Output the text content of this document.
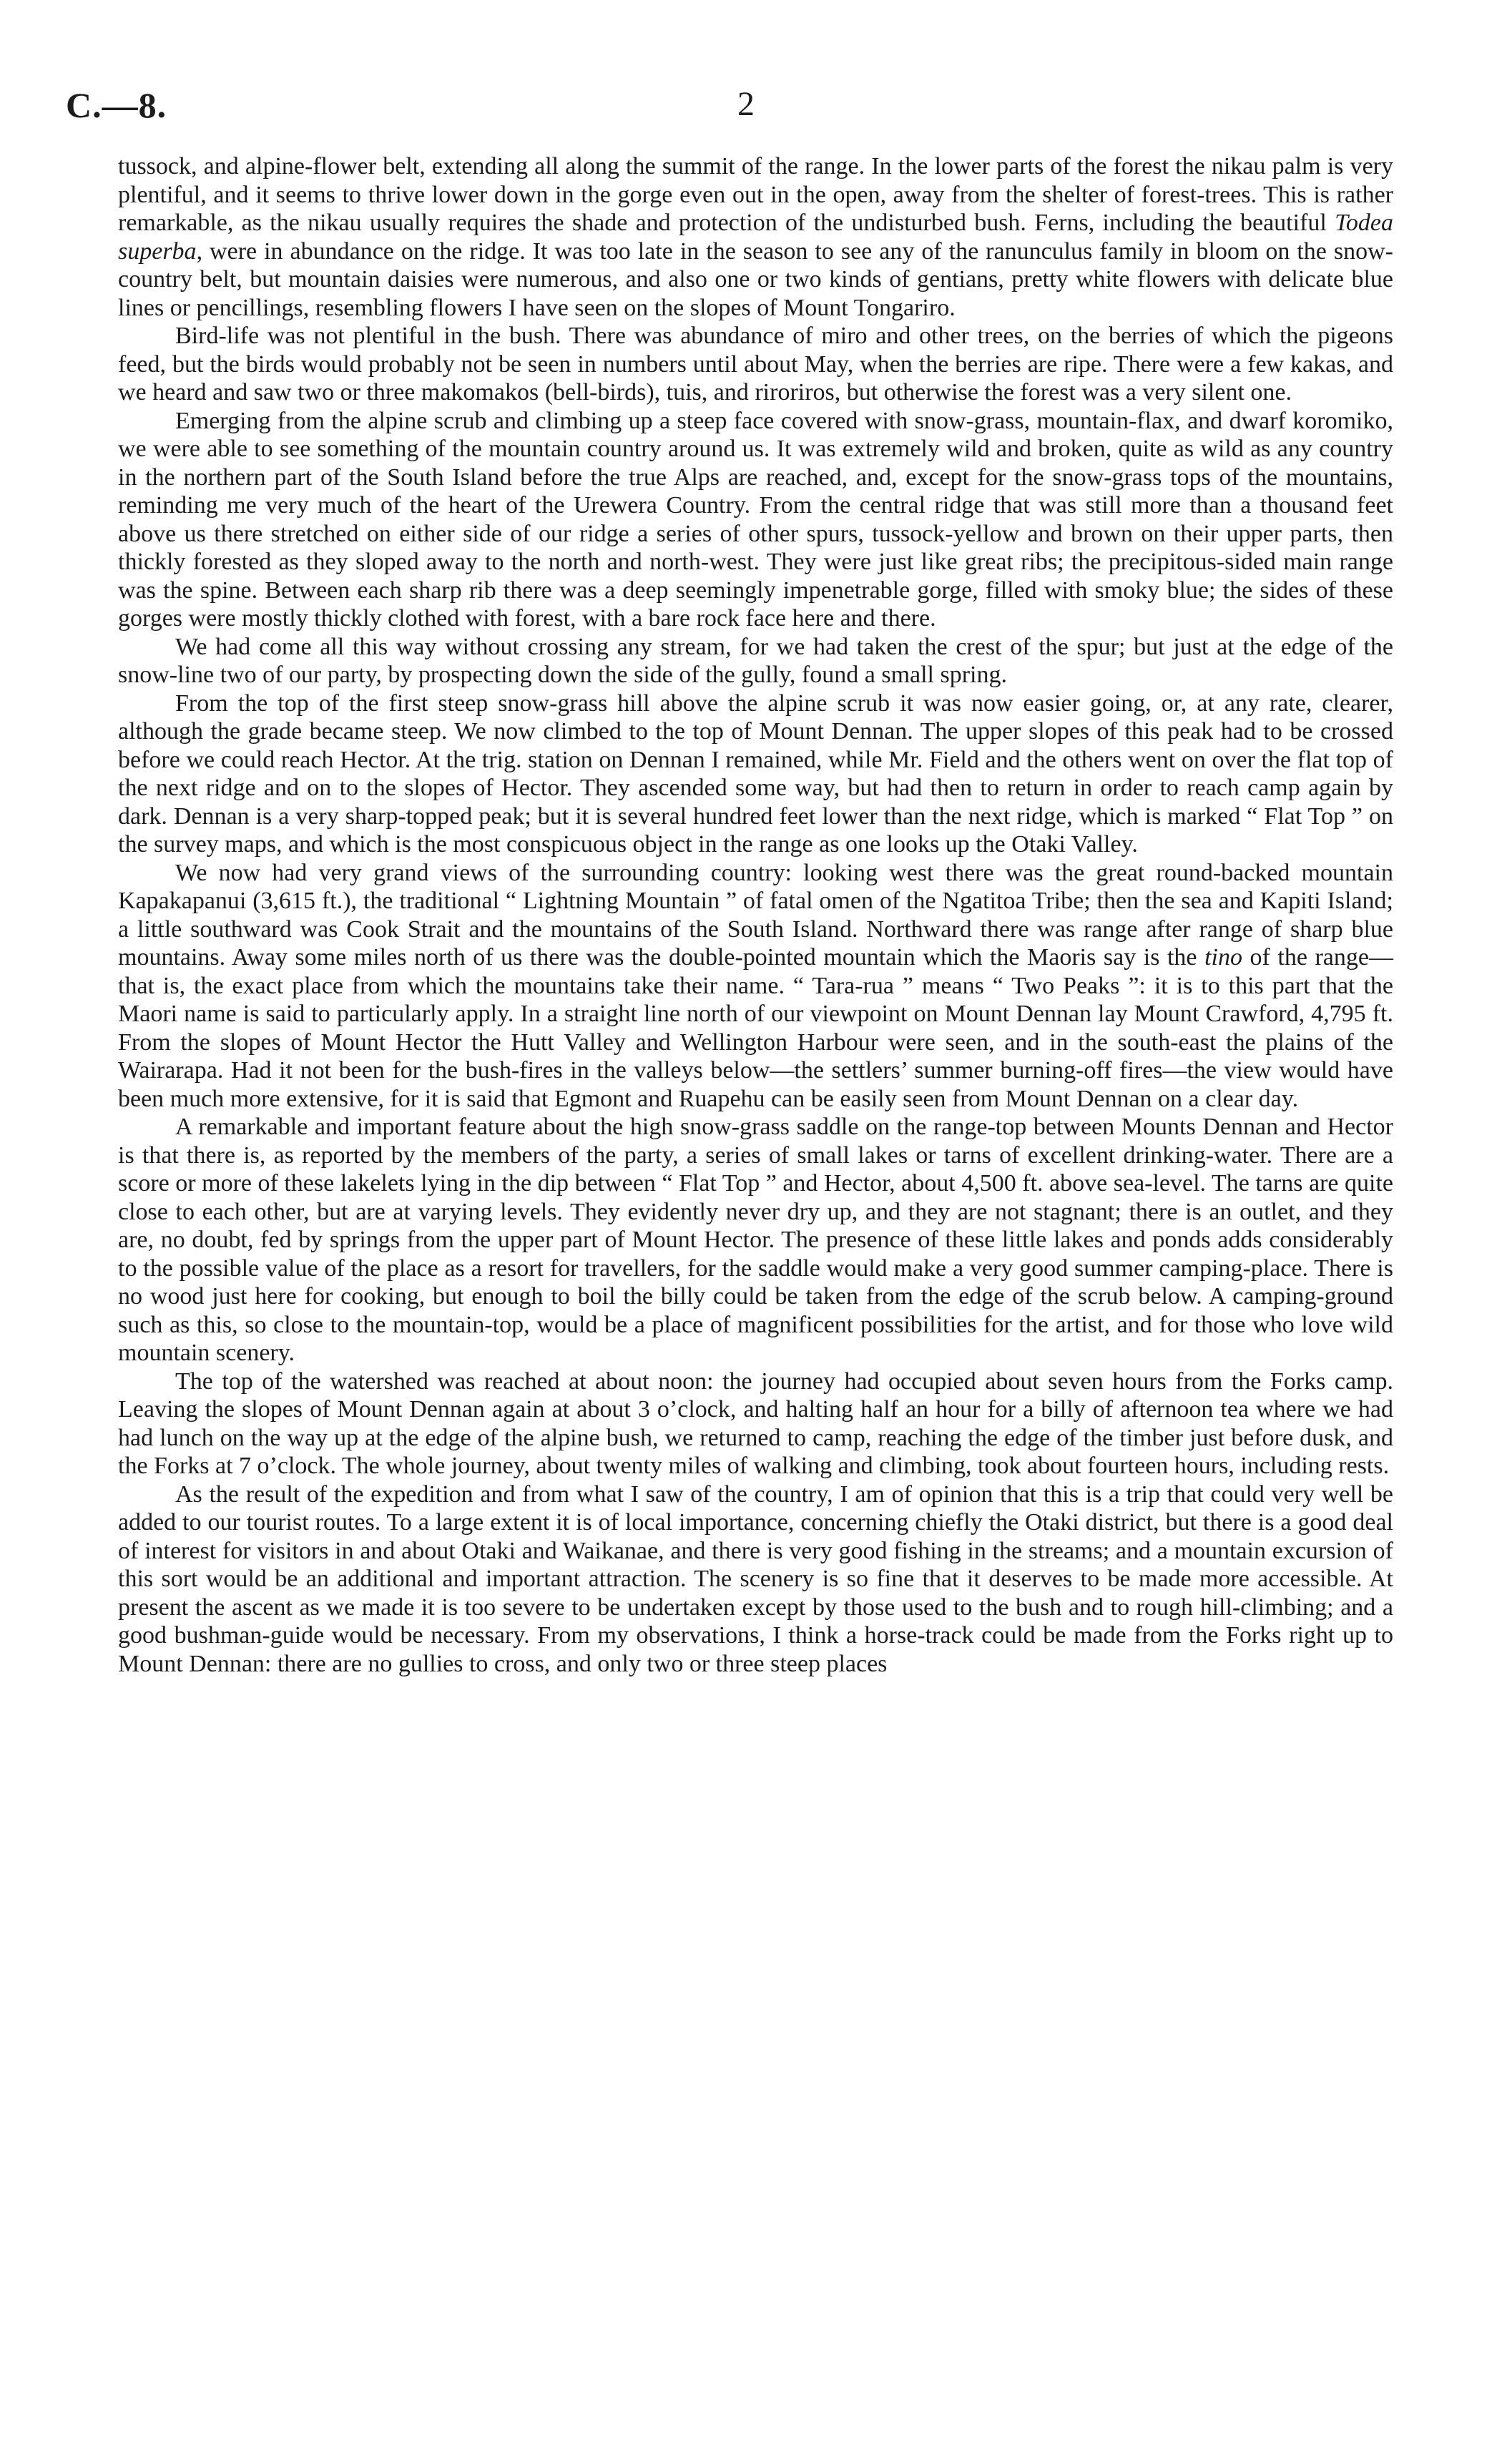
C.—8.	2

tussock, and alpine-flower belt, extending all along the summit of the range. In the lower parts of the forest the nikau palm is very plentiful, and it seems to thrive lower down in the gorge even out in the open, away from the shelter of forest-trees. This is rather remarkable, as the nikau usually requires the shade and protection of the undisturbed bush. Ferns, including the beautiful Todea superba, were in abundance on the ridge. It was too late in the season to see any of the ranunculus family in bloom on the snow-country belt, but mountain daisies were numerous, and also one or two kinds of gentians, pretty white flowers with delicate blue lines or pencillings, resembling flowers I have seen on the slopes of Mount Tongariro.

Bird-life was not plentiful in the bush. There was abundance of miro and other trees, on the berries of which the pigeons feed, but the birds would probably not be seen in numbers until about May, when the berries are ripe. There were a few kakas, and we heard and saw two or three makomakos (bell-birds), tuis, and riroriros, but otherwise the forest was a very silent one.

Emerging from the alpine scrub and climbing up a steep face covered with snow-grass, mountain-flax, and dwarf koromiko, we were able to see something of the mountain country around us. It was extremely wild and broken, quite as wild as any country in the northern part of the South Island before the true Alps are reached, and, except for the snow-grass tops of the mountains, reminding me very much of the heart of the Urewera Country. From the central ridge that was still more than a thousand feet above us there stretched on either side of our ridge a series of other spurs, tussock-yellow and brown on their upper parts, then thickly forested as they sloped away to the north and north-west. They were just like great ribs; the precipitous-sided main range was the spine. Between each sharp rib there was a deep seemingly impenetrable gorge, filled with smoky blue; the sides of these gorges were mostly thickly clothed with forest, with a bare rock face here and there.

We had come all this way without crossing any stream, for we had taken the crest of the spur; but just at the edge of the snow-line two of our party, by prospecting down the side of the gully, found a small spring.

From the top of the first steep snow-grass hill above the alpine scrub it was now easier going, or, at any rate, clearer, although the grade became steep. We now climbed to the top of Mount Dennan. The upper slopes of this peak had to be crossed before we could reach Hector. At the trig. station on Dennan I remained, while Mr. Field and the others went on over the flat top of the next ridge and on to the slopes of Hector. They ascended some way, but had then to return in order to reach camp again by dark. Dennan is a very sharp-topped peak; but it is several hundred feet lower than the next ridge, which is marked “ Flat Top ” on the survey maps, and which is the most conspicuous object in the range as one looks up the Otaki Valley.

We now had very grand views of the surrounding country: looking west there was the great round-backed mountain Kapakapanui (3,615 ft.), the traditional “ Lightning Mountain ” of fatal omen of the Ngatitoa Tribe; then the sea and Kapiti Island; a little southward was Cook Strait and the mountains of the South Island. Northward there was range after range of sharp blue mountains. Away some miles north of us there was the double-pointed mountain which the Maoris say is the tino of the range—that is, the exact place from which the mountains take their name. “ Tara-rua ” means “ Two Peaks ”: it is to this part that the Maori name is said to particularly apply. In a straight line north of our viewpoint on Mount Dennan lay Mount Crawford, 4,795 ft. From the slopes of Mount Hector the Hutt Valley and Wellington Harbour were seen, and in the south-east the plains of the Wairarapa. Had it not been for the bush-fires in the valleys below—the settlers’ summer burning-off fires—the view would have been much more extensive, for it is said that Egmont and Ruapehu can be easily seen from Mount Dennan on a clear day.

A remarkable and important feature about the high snow-grass saddle on the range-top between Mounts Dennan and Hector is that there is, as reported by the members of the party, a series of small lakes or tarns of excellent drinking-water. There are a score or more of these lakelets lying in the dip between “ Flat Top ” and Hector, about 4,500 ft. above sea-level. The tarns are quite close to each other, but are at varying levels. They evidently never dry up, and they are not stagnant; there is an outlet, and they are, no doubt, fed by springs from the upper part of Mount Hector. The presence of these little lakes and ponds adds considerably to the possible value of the place as a resort for travellers, for the saddle would make a very good summer camping-place. There is no wood just here for cooking, but enough to boil the billy could be taken from the edge of the scrub below. A camping-ground such as this, so close to the mountain-top, would be a place of magnificent possibilities for the artist, and for those who love wild mountain scenery.

The top of the watershed was reached at about noon: the journey had occupied about seven hours from the Forks camp. Leaving the slopes of Mount Dennan again at about 3 o’clock, and halting half an hour for a billy of afternoon tea where we had had lunch on the way up at the edge of the alpine bush, we returned to camp, reaching the edge of the timber just before dusk, and the Forks at 7 o’clock. The whole journey, about twenty miles of walking and climbing, took about fourteen hours, including rests.

As the result of the expedition and from what I saw of the country, I am of opinion that this is a trip that could very well be added to our tourist routes. To a large extent it is of local importance, concerning chiefly the Otaki district, but there is a good deal of interest for visitors in and about Otaki and Waikanae, and there is very good fishing in the streams; and a mountain excursion of this sort would be an additional and important attraction. The scenery is so fine that it deserves to be made more accessible. At present the ascent as we made it is too severe to be undertaken except by those used to the bush and to rough hill-climbing; and a good bushman-guide would be necessary. From my observations, I think a horse-track could be made from the Forks right up to Mount Dennan: there are no gullies to cross, and only two or three steep places
